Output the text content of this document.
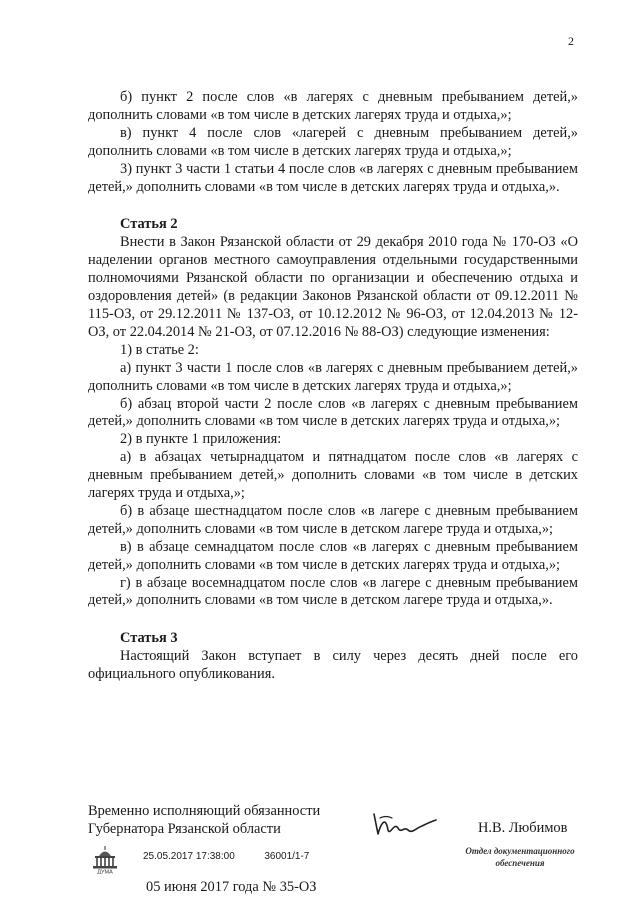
2

б) пункт 2 после слов «в лагерях с дневным пребыванием детей,» дополнить словами «в том числе в детских лагерях труда и отдыха,»;

в) пункт 4 после слов «лагерей с дневным пребыванием детей,» дополнить словами «в том числе в детских лагерях труда и отдыха,»;

3) пункт 3 части 1 статьи 4 после слов «в лагерях с дневным пребыванием детей,» дополнить словами «в том числе в детских лагерях труда и отдыха,».

Статья 2

Внести в Закон Рязанской области от 29 декабря 2010 года № 170-ОЗ «О наделении органов местного самоуправления отдельными государственными полномочиями Рязанской области по организации и обеспечению отдыха и оздоровления детей» (в редакции Законов Рязанской области от 09.12.2011 № 115-ОЗ, от 29.12.2011 № 137-ОЗ, от 10.12.2012 № 96-ОЗ, от 12.04.2013 № 12-ОЗ, от 22.04.2014 № 21-ОЗ, от 07.12.2016 № 88-ОЗ) следующие изменения:

1) в статье 2:

а) пункт 3 части 1 после слов «в лагерях с дневным пребыванием детей,» дополнить словами «в том числе в детских лагерях труда и отдыха,»;

б) абзац второй части 2 после слов «в лагерях с дневным пребыванием детей,» дополнить словами «в том числе в детских лагерях труда и отдыха,»;

2) в пункте 1 приложения:

а) в абзацах четырнадцатом и пятнадцатом после слов «в лагерях с дневным пребыванием детей,» дополнить словами «в том числе в детских лагерях труда и отдыха,»;

б) в абзаце шестнадцатом после слов «в лагере с дневным пребыванием детей,» дополнить словами «в том числе в детском лагере труда и отдыха,»;

в) в абзаце семнадцатом после слов «в лагерях с дневным пребыванием детей,» дополнить словами «в том числе в детских лагерях труда и отдыха,»;

г) в абзаце восемнадцатом после слов «в лагере с дневным пребыванием детей,» дополнить словами «в том числе в детском лагере труда и отдыха,».

Статья 3

Настоящий Закон вступает в силу через десять дней после его официального опубликования.

Временно исполняющий обязанности
Губернатора Рязанской области	Н.В. Любимов
ДУМА
25.05.2017 17:38:00	36001/1-7	Отдел документационного
обеспечения
05 июня 2017 года № 35-ОЗ
